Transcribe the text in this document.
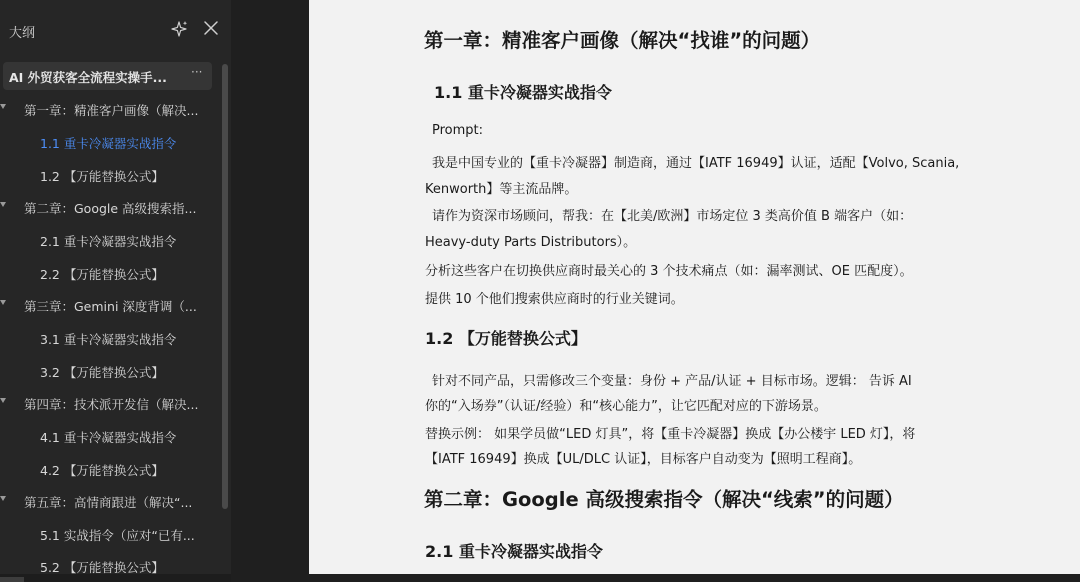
大纲
AI 外贸获客全流程实操手...	···
第一章：精准客户画像（解决...
1.1 重卡冷凝器实战指令
1.2 【万能替换公式】
第二章：Google 高级搜索指...
2.1 重卡冷凝器实战指令
2.2 【万能替换公式】
第三章：Gemini 深度背调（...
3.1 重卡冷凝器实战指令
3.2 【万能替换公式】
第四章：技术派开发信（解决...
4.1 重卡冷凝器实战指令
4.2 【万能替换公式】
第五章：高情商跟进（解决“...
5.1 实战指令（应对“已有...
5.2 【万能替换公式】
第一章：精准客户画像（解决“找谁”的问题）
1.1 重卡冷凝器实战指令
Prompt:
我是中国专业的【重卡冷凝器】制造商，通过【IATF 16949】认证，适配【Volvo, Scania,
Kenworth】等主流品牌。
请作为资深市场顾问，帮我：在【北美/欧洲】市场定位 3 类高价值 B 端客户（如：
Heavy-duty Parts Distributors）。
分析这些客户在切换供应商时最关心的 3 个技术痛点（如：漏率测试、OE 匹配度）。
提供 10 个他们搜索供应商时的行业关键词。
1.2 【万能替换公式】
针对不同产品，只需修改三个变量：身份 + 产品/认证 + 目标市场。逻辑： 告诉 AI
你的“入场券”（认证/经验）和“核心能力”，让它匹配对应的下游场景。
替换示例： 如果学员做“LED 灯具”，将【重卡冷凝器】换成【办公楼宇 LED 灯】，将
【IATF 16949】换成【UL/DLC 认证】，目标客户自动变为【照明工程商】。
第二章：Google 高级搜索指令（解决“线索”的问题）
2.1 重卡冷凝器实战指令
